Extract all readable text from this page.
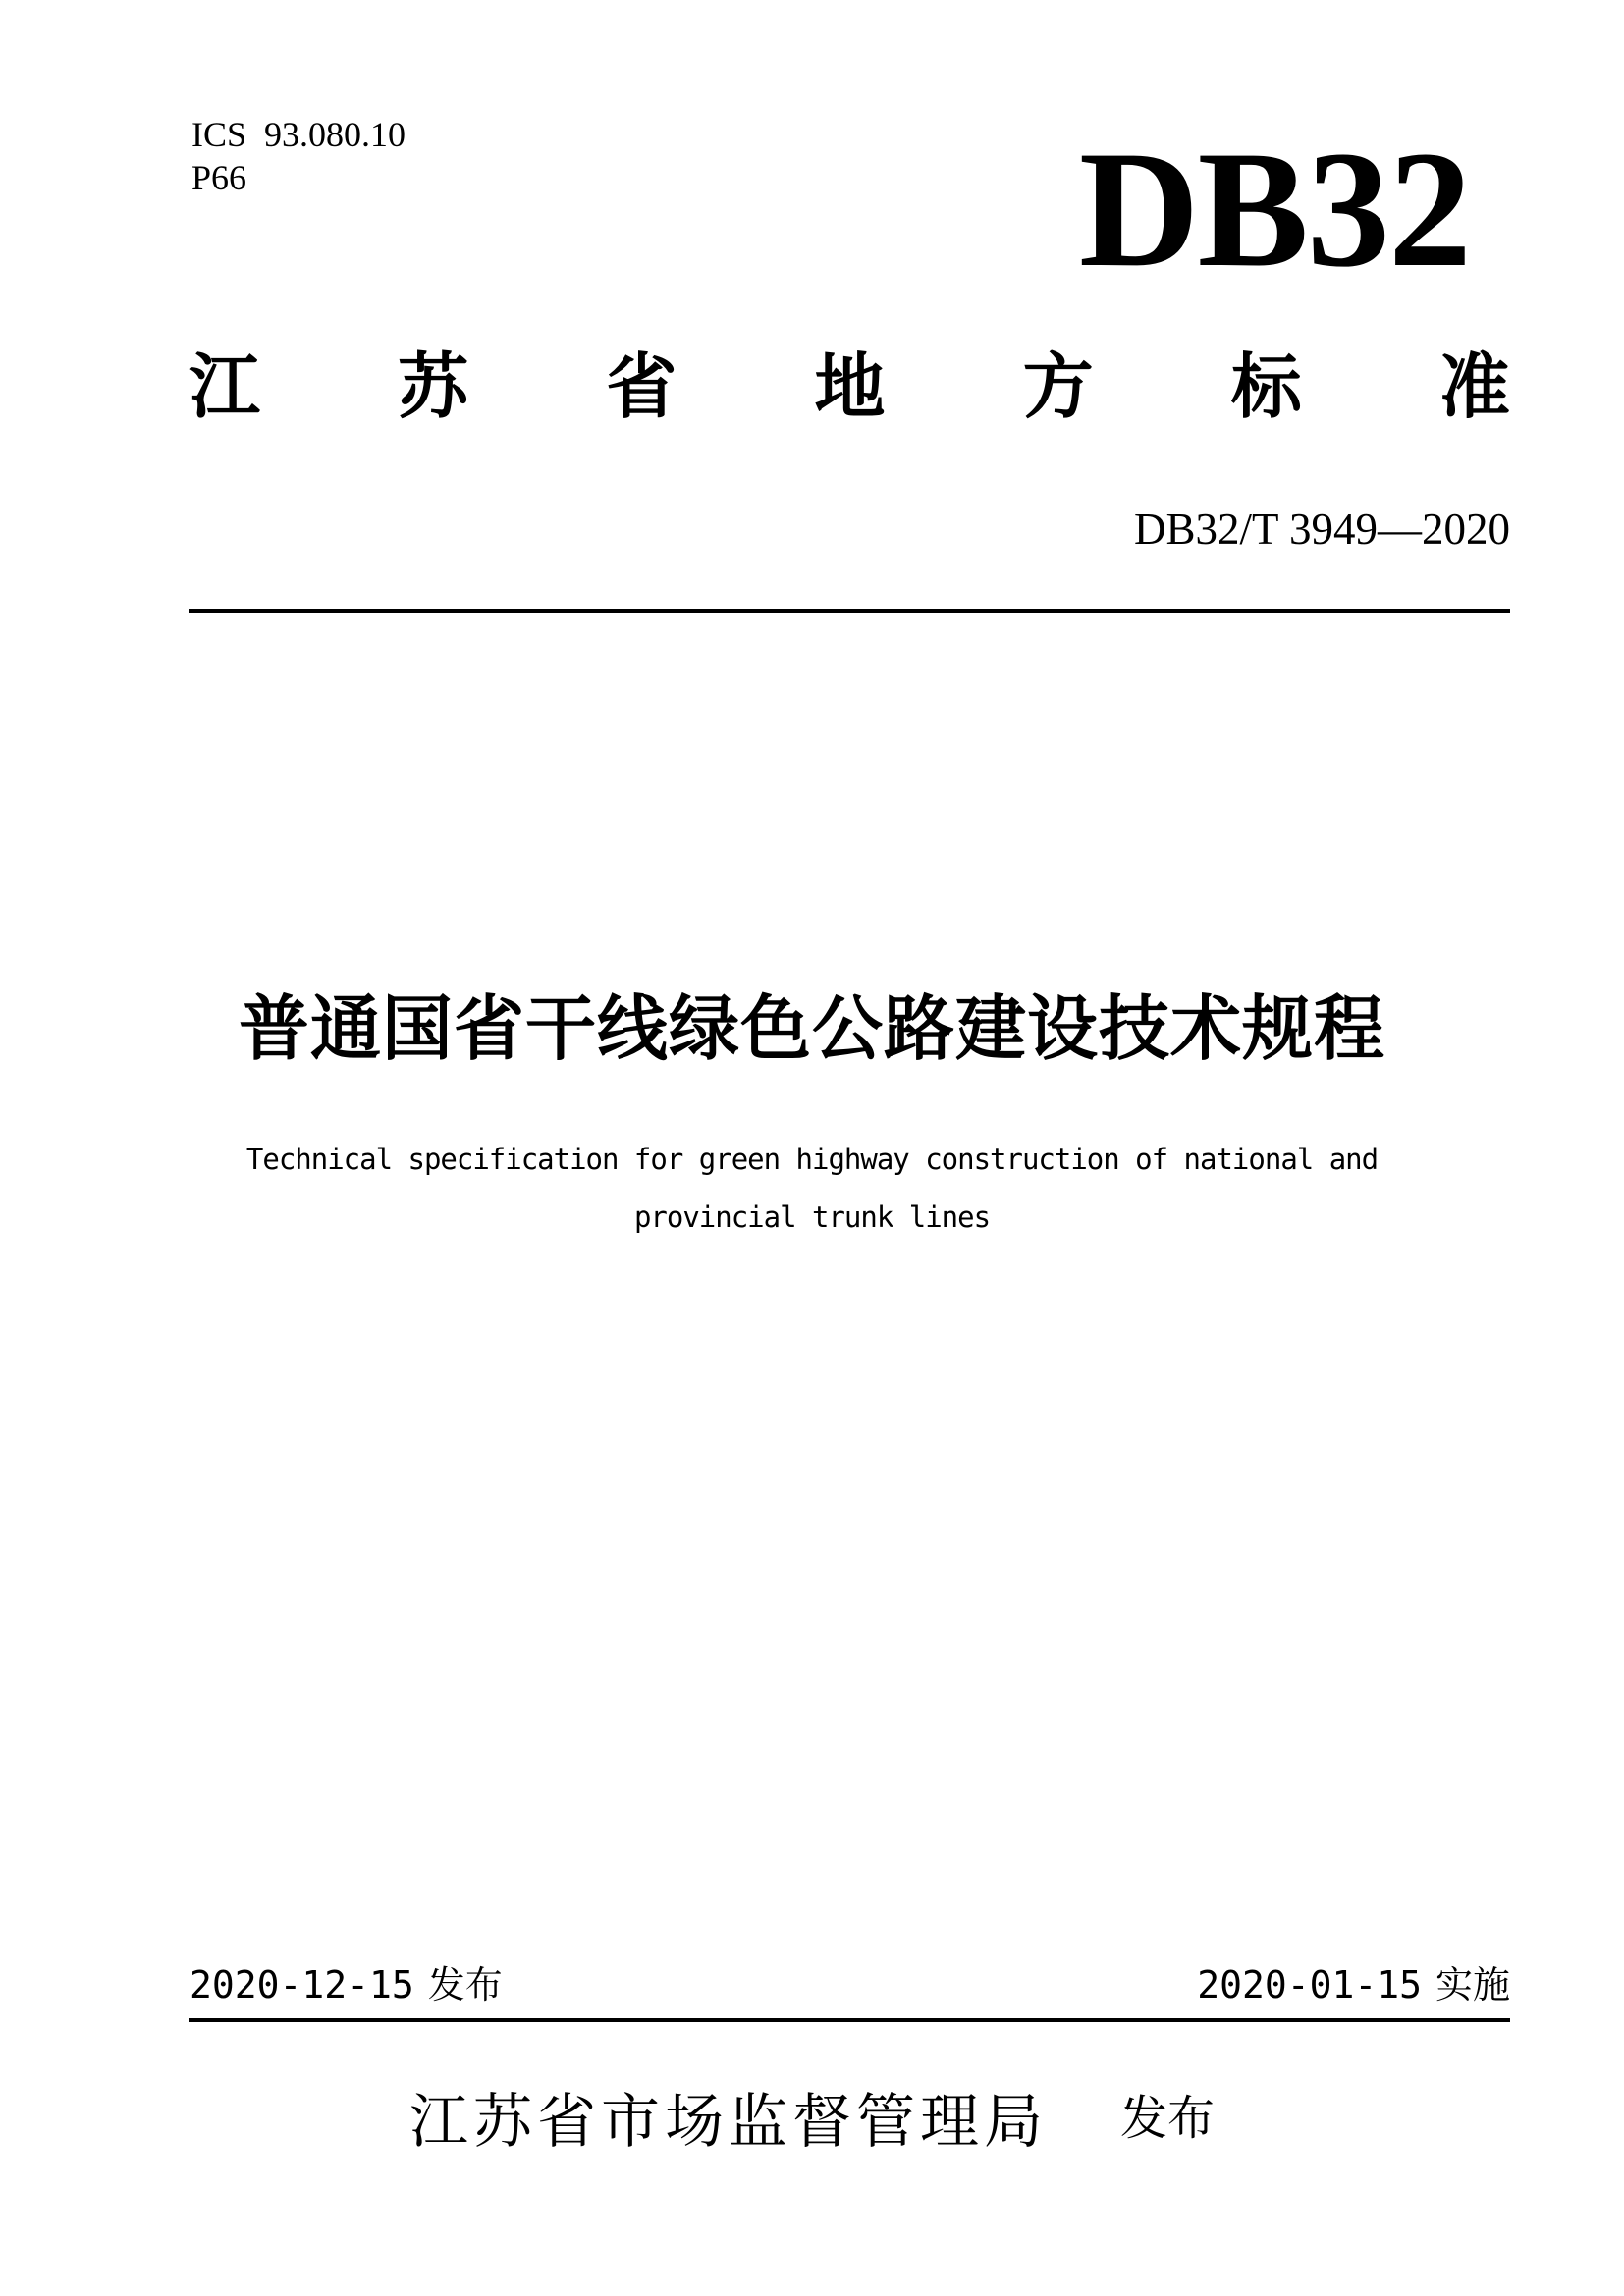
ICS  93.080.10
P66	DB32
江 苏 省 地 方 标 准
DB32/T 3949—2020
普通国省干线绿色公路建设技术规程
Technical specification for green highway construction of national and
provincial trunk lines
2020-12-15 发布	2020-01-15 实施
江苏省市场监督管理局 发布
